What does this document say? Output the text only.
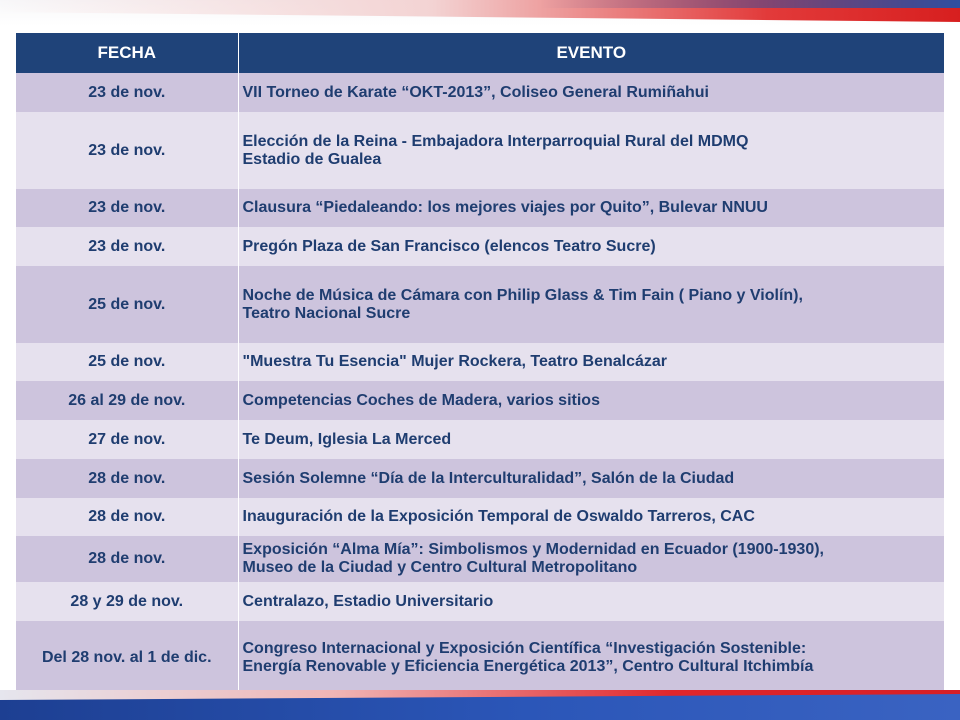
FECHA	EVENTO
23 de nov.	VII Torneo de Karate “OKT-2013”, Coliseo General Rumiñahui

23 de nov.	Elección de la Reina - Embajadora Interparroquial Rural del MDMQ
Estadio de Gualea

23 de nov.	Clausura “Piedaleando: los mejores viajes por Quito”, Bulevar NNUU

23 de nov.	Pregón Plaza de San Francisco (elencos Teatro Sucre)

25 de nov.	Noche de Música de Cámara con Philip Glass & Tim Fain ( Piano y Violín),
Teatro Nacional Sucre

25 de nov.	"Muestra Tu Esencia" Mujer Rockera, Teatro Benalcázar

26 al 29 de nov.	Competencias Coches de Madera, varios sitios

27 de nov.	Te Deum, Iglesia La Merced

28 de nov.	Sesión Solemne “Día de la Interculturalidad”, Salón de la Ciudad

28 de nov.	Inauguración de la Exposición Temporal de Oswaldo Tarreros, CAC

28 de nov.	Exposición “Alma Mía”: Simbolismos y Modernidad en Ecuador (1900-1930),
Museo de la Ciudad y Centro Cultural Metropolitano

28 y 29 de nov.	Centralazo, Estadio Universitario

Del 28 nov. al 1 de dic.	Congreso Internacional y Exposición Científica “Investigación Sostenible:
Energía Renovable y Eficiencia Energética 2013”, Centro Cultural Itchimbía
